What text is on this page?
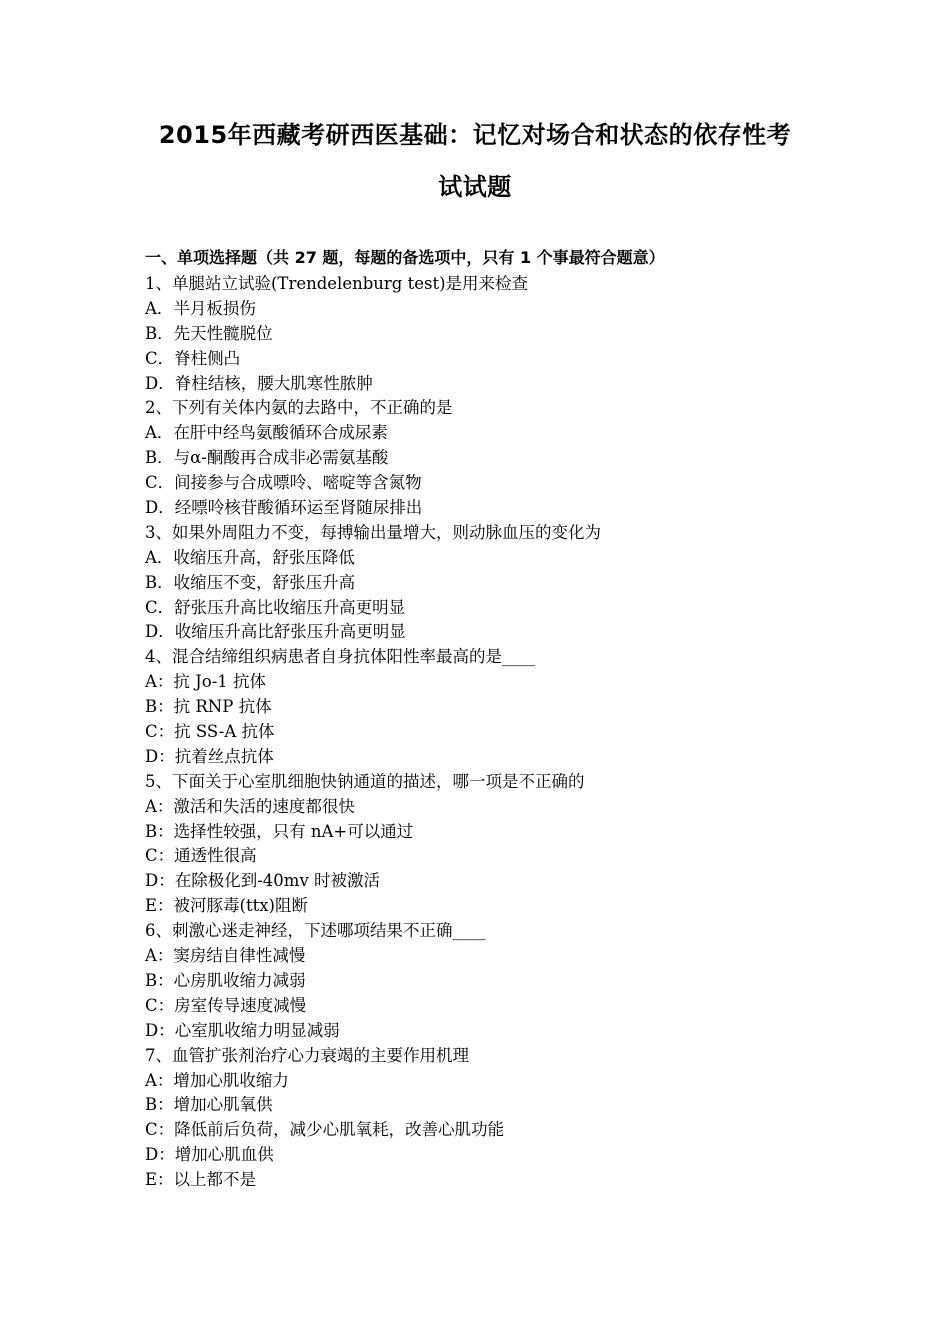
2015年西藏考研西医基础：记忆对场合和状态的依存性考
试试题
一、单项选择题（共 27 题，每题的备选项中，只有 1 个事最符合题意）
1、单腿站立试验(Trendelenburg test)是用来检查
A．半月板损伤
B．先天性髋脱位
C．脊柱侧凸
D．脊柱结核，腰大肌寒性脓肿
2、下列有关体内氨的去路中，不正确的是
A．在肝中经鸟氨酸循环合成尿素
B．与α-酮酸再合成非必需氨基酸
C．间接参与合成嘌呤、嘧啶等含氮物
D．经嘌呤核苷酸循环运至肾随尿排出
3、如果外周阻力不变，每搏输出量增大，则动脉血压的变化为
A．收缩压升高，舒张压降低
B．收缩压不变，舒张压升高
C．舒张压升高比收缩压升高更明显
D．收缩压升高比舒张压升高更明显
4、混合结缔组织病患者自身抗体阳性率最高的是____
A：抗 Jo-1 抗体
B：抗 RNP 抗体
C：抗 SS-A 抗体
D：抗着丝点抗体
5、下面关于心室肌细胞快钠通道的描述，哪一项是不正确的
A：激活和失活的速度都很快
B：选择性较强，只有 nA+可以通过
C：通透性很高
D：在除极化到-40mv 时被激活
E：被河豚毒(ttx)阻断
6、刺激心迷走神经，下述哪项结果不正确____
A：窦房结自律性减慢
B：心房肌收缩力减弱
C：房室传导速度减慢
D：心室肌收缩力明显减弱
7、血管扩张剂治疗心力衰竭的主要作用机理
A：增加心肌收缩力
B：增加心肌氧供
C：降低前后负荷，减少心肌氧耗，改善心肌功能
D：增加心肌血供
E：以上都不是
